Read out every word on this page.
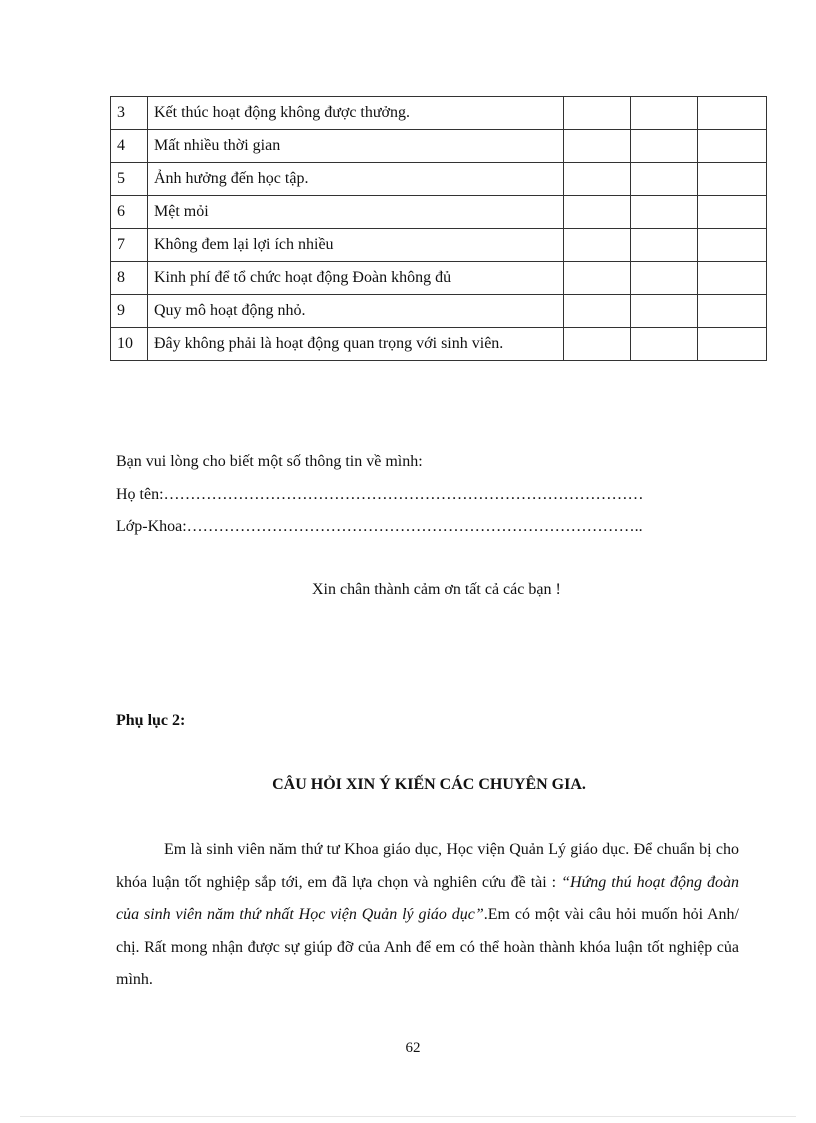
3	Kết thúc hoạt động không được thưởng.			
4	Mất nhiều thời gian			
5	Ảnh hưởng đến học tập.			
6	Mệt mỏi			
7	Không đem lại lợi ích nhiều			
8	Kinh phí để tổ chức hoạt động Đoàn không đủ			
9	Quy mô hoạt động nhỏ.			
10	Đây không phải là hoạt động quan trọng với sinh viên.			
Bạn vui lòng cho biết một số thông tin về mình:
Họ tên:………………………………………………………………………………
Lớp-Khoa:…………………………………………………………………………..
Xin chân thành cảm ơn tất cả các bạn !
Phụ lục 2:
CÂU HỎI XIN Ý KIẾN CÁC CHUYÊN GIA.

Em là sinh viên năm thứ tư Khoa giáo dục, Học viện Quản Lý giáo dục. Để chuẩn bị cho khóa luận tốt nghiệp sắp tới, em đã lựa chọn và nghiên cứu đề tài : “Hứng thú hoạt động đoàn của sinh viên năm thứ nhất Học viện Quản lý giáo dục”.Em có một vài câu hỏi muốn hỏi Anh/ chị. Rất mong nhận được sự giúp đỡ của Anh để em có thể hoàn thành khóa luận tốt nghiệp của mình.

62
